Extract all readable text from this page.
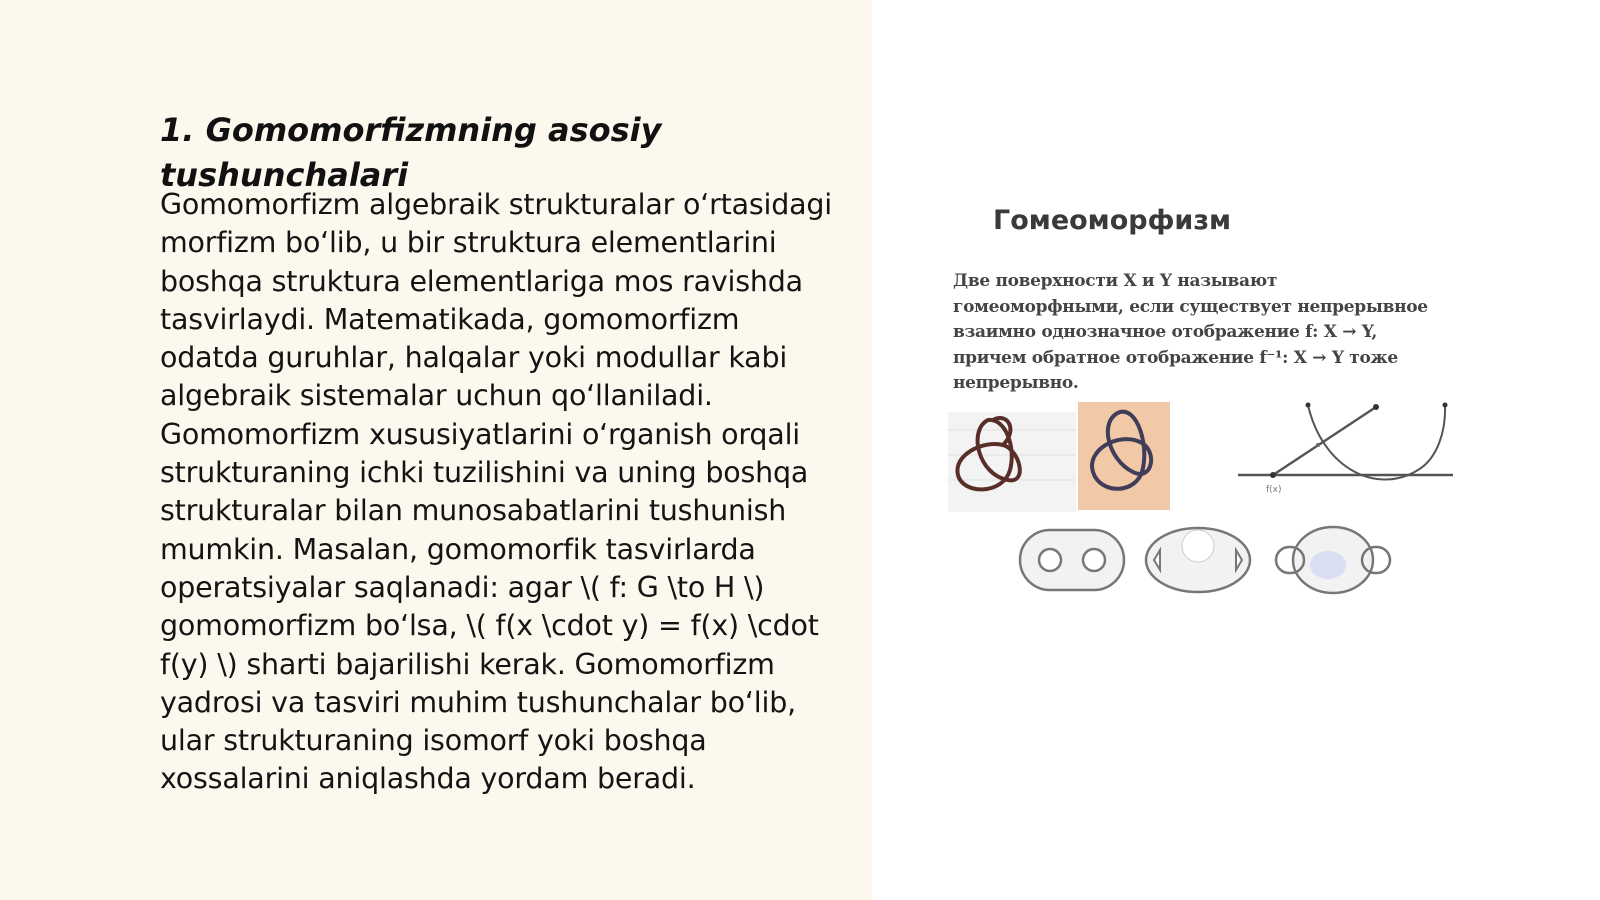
1. Gomomorfizmning asosiy tushunchalari

Gomomorfizm algebraik strukturalar o‘rtasidagi morfizm bo‘lib, u bir struktura elementlarini boshqa struktura elementlariga mos ravishda tasvirlaydi. Matematikada, gomomorfizm odatda guruhlar, halqalar yoki modullar kabi algebraik sistemalar uchun qo‘llaniladi. Gomomorfizm xususiyatlarini o‘rganish orqali strukturaning ichki tuzilishini va uning boshqa strukturalar bilan munosabatlarini tushunish mumkin. Masalan, gomomorfik tasvirlarda operatsiyalar saqlanadi: agar \( f: G \to H \) gomomorfizm bo‘lsa, \( f(x \cdot y) = f(x) \cdot f(y) \) sharti bajarilishi kerak. Gomomorfizm yadrosi va tasviri muhim tushunchalar bo‘lib, ular strukturaning isomorf yoki boshqa xossalarini aniqlashda yordam beradi.

Гомеоморфизм
Две поверхности X и Y называют гомеоморфными, если существует непрерывное взаимно однозначное отображение f: X → Y, причем обратное отображение f⁻¹: X → Y тоже непрерывно.
f(x)
